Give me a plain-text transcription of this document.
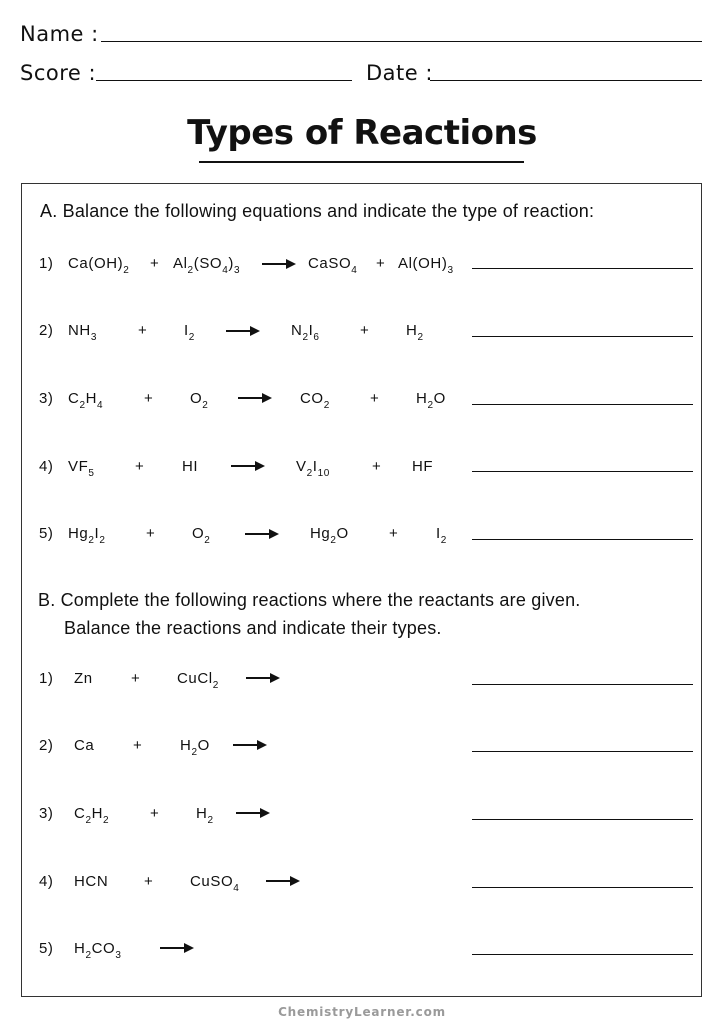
Name :
Score :	Date :
Types of Reactions
A. Balance the following equations and indicate the type of reaction:
1) $Ca(OH)_2 + Al_2(SO_4)_3$	CaSO$_4$ + $Al(OH)_3$
2) $NH_3$	+ $I_2$	$N_2I_6$	+ $H_2$
3) $C_2H_4$	+ $O_2$	$CO_2$	+ $H_2O$
4) $VF_5$	+	HI	$V_2I_{10}$	+ HF
5) $Hg_2I_2$	+ $O_2$	$Hg_2O$	+	$I_2$
B. Complete the following reactions where the reactants are given.
Balance the reactions and indicate their types.
1) Zn	+ CuCl$_2$
2) Ca	+	$H_2O$
3) $C_2H_2$	+ $H_2$
4) HCN + CuSO$_4$
5) $H_2CO_3$
ChemistryLearner.com
